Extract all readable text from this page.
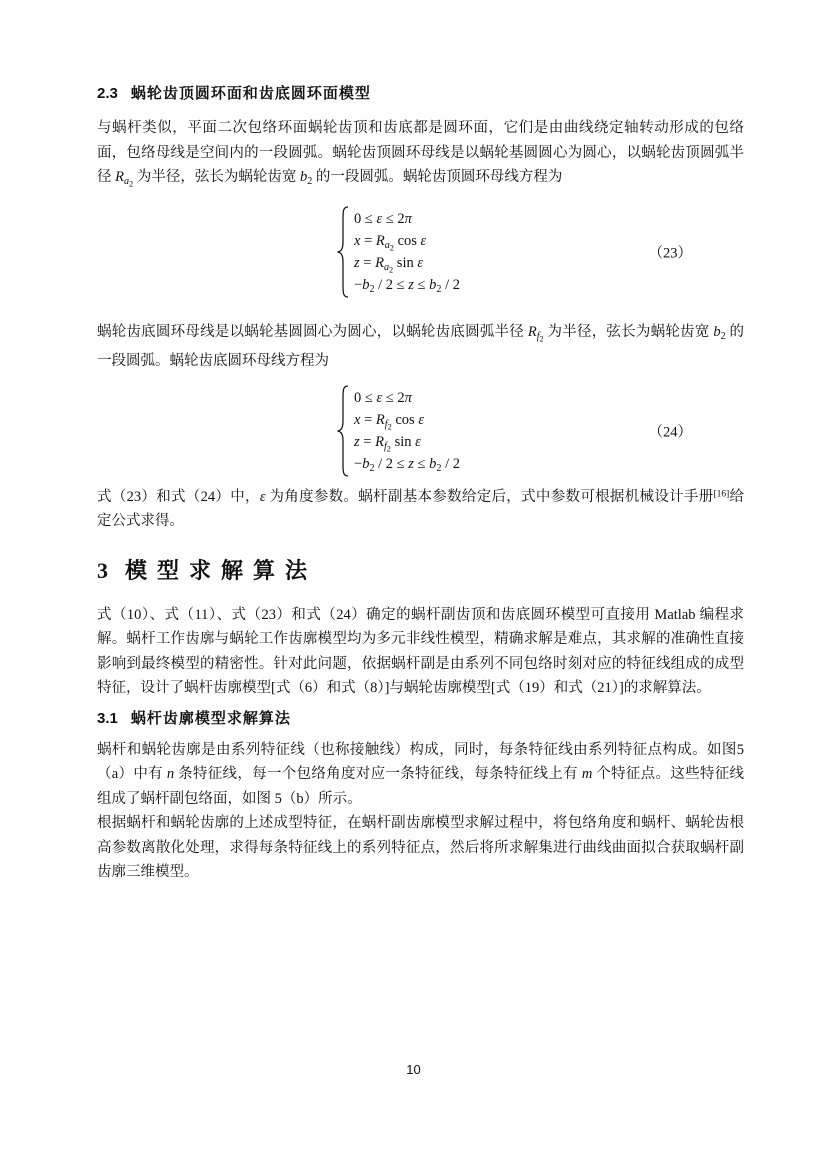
2.3 蜗轮齿顶圆环面和齿底圆环面模型

与蜗杆类似，平面二次包络环面蜗轮齿顶和齿底都是圆环面，它们是由曲线绕定轴转动形成的包络面，包络母线是空间内的一段圆弧。蜗轮齿顶圆环母线是以蜗轮基圆圆心为圆心，以蜗轮齿顶圆弧半径 $R_{a_2}$ 为半径，弦长为蜗轮齿宽 $b_2$ 的一段圆弧。蜗轮齿顶圆环母线方程为

0 ≤ ε ≤ 2π
$x = R_{a_2}$ cos ε
$z = R_{a_2}$ sin ε
$-b_2 / 2 \le z \le b_2 / 2$
（23）

蜗轮齿底圆环母线是以蜗轮基圆圆心为圆心，以蜗轮齿底圆弧半径 $R_{f_2}$ 为半径，弦长为蜗轮齿宽 $b_2$ 的一段圆弧。蜗轮齿底圆环母线方程为

0 ≤ ε ≤ 2π
$x = R_{f_2}$ cos ε
$z = R_{f_2}$ sin ε
$-b_2 / 2 \le z \le b_2 / 2$
（24）

式（23）和式（24）中，ε 为角度参数。蜗杆副基本参数给定后，式中参数可根据机械设计手册[16]给定公式求得。

3 模型求解算法

式（10）、式（11）、式（23）和式（24）确定的蜗杆副齿顶和齿底圆环模型可直接用 Matlab 编程求解。蜗杆工作齿廓与蜗轮工作齿廓模型均为多元非线性模型，精确求解是难点，其求解的准确性直接影响到最终模型的精密性。针对此问题，依据蜗杆副是由系列不同包络时刻对应的特征线组成的成型特征，设计了蜗杆齿廓模型[式（6）和式（8）]与蜗轮齿廓模型[式（19）和式（21）]的求解算法。

3.1 蜗杆齿廓模型求解算法

蜗杆和蜗轮齿廓是由系列特征线（也称接触线）构成，同时，每条特征线由系列特征点构成。如图5（a）中有 n 条特征线，每一个包络角度对应一条特征线，每条特征线上有 m 个特征点。这些特征线组成了蜗杆副包络面，如图 5（b）所示。

根据蜗杆和蜗轮齿廓的上述成型特征，在蜗杆副齿廓模型求解过程中，将包络角度和蜗杆、蜗轮齿根高参数离散化处理，求得每条特征线上的系列特征点，然后将所求解集进行曲线曲面拟合获取蜗杆副齿廓三维模型。

10
